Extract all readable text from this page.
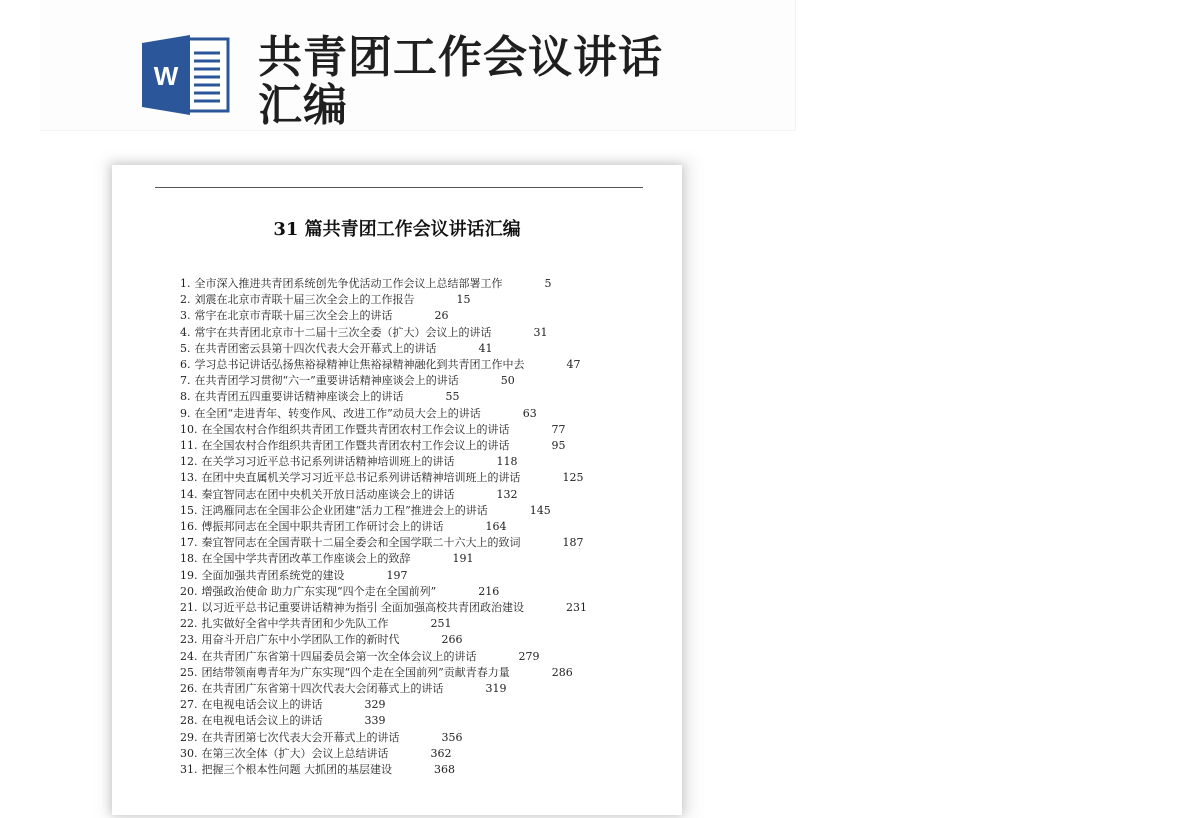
W 共青团工作会议讲话
汇编
31 篇共青团工作会议讲话汇编
1. 全市深入推进共青团系统创先争优活动工作会议上总结部署工作	5
2. 刘震在北京市青联十届三次全会上的工作报告	15
3. 常宇在北京市青联十届三次全会上的讲话	26
4. 常宇在共青团北京市十二届十三次全委（扩大）会议上的讲话	31
5. 在共青团密云县第十四次代表大会开幕式上的讲话	41
6. 学习总书记讲话弘扬焦裕禄精神让焦裕禄精神融化到共青团工作中去	47
7. 在共青团学习贯彻“六一”重要讲话精神座谈会上的讲话	50
8. 在共青团五四重要讲话精神座谈会上的讲话	55
9. 在全团“走进青年、转变作风、改进工作”动员大会上的讲话	63
10. 在全国农村合作组织共青团工作暨共青团农村工作会议上的讲话	77
11. 在全国农村合作组织共青团工作暨共青团农村工作会议上的讲话	95
12. 在关学习习近平总书记系列讲话精神培训班上的讲话	118
13. 在团中央直属机关学习习近平总书记系列讲话精神培训班上的讲话	125
14. 秦宜智同志在团中央机关开放日活动座谈会上的讲话	132
15. 汪鸿雁同志在全国非公企业团建“活力工程”推进会上的讲话	145
16. 傅振邦同志在全国中职共青团工作研讨会上的讲话	164
17. 秦宜智同志在全国青联十二届全委会和全国学联二十六大上的致词	187
18. 在全国中学共青团改革工作座谈会上的致辞	191
19. 全面加强共青团系统党的建设	197
20. 增强政治使命 助力广东实现“四个走在全国前列”	216
21. 以习近平总书记重要讲话精神为指引 全面加强高校共青团政治建设	231
22. 扎实做好全省中学共青团和少先队工作	251
23. 用奋斗开启广东中小学团队工作的新时代	266
24. 在共青团广东省第十四届委员会第一次全体会议上的讲话	279
25. 团结带领南粤青年为广东实现“四个走在全国前列”贡献青春力量	286
26. 在共青团广东省第十四次代表大会闭幕式上的讲话	319
27. 在电视电话会议上的讲话	329
28. 在电视电话会议上的讲话	339
29. 在共青团第七次代表大会开幕式上的讲话	356
30. 在第三次全体（扩大）会议上总结讲话	362
31. 把握三个根本性问题 大抓团的基层建设	368
